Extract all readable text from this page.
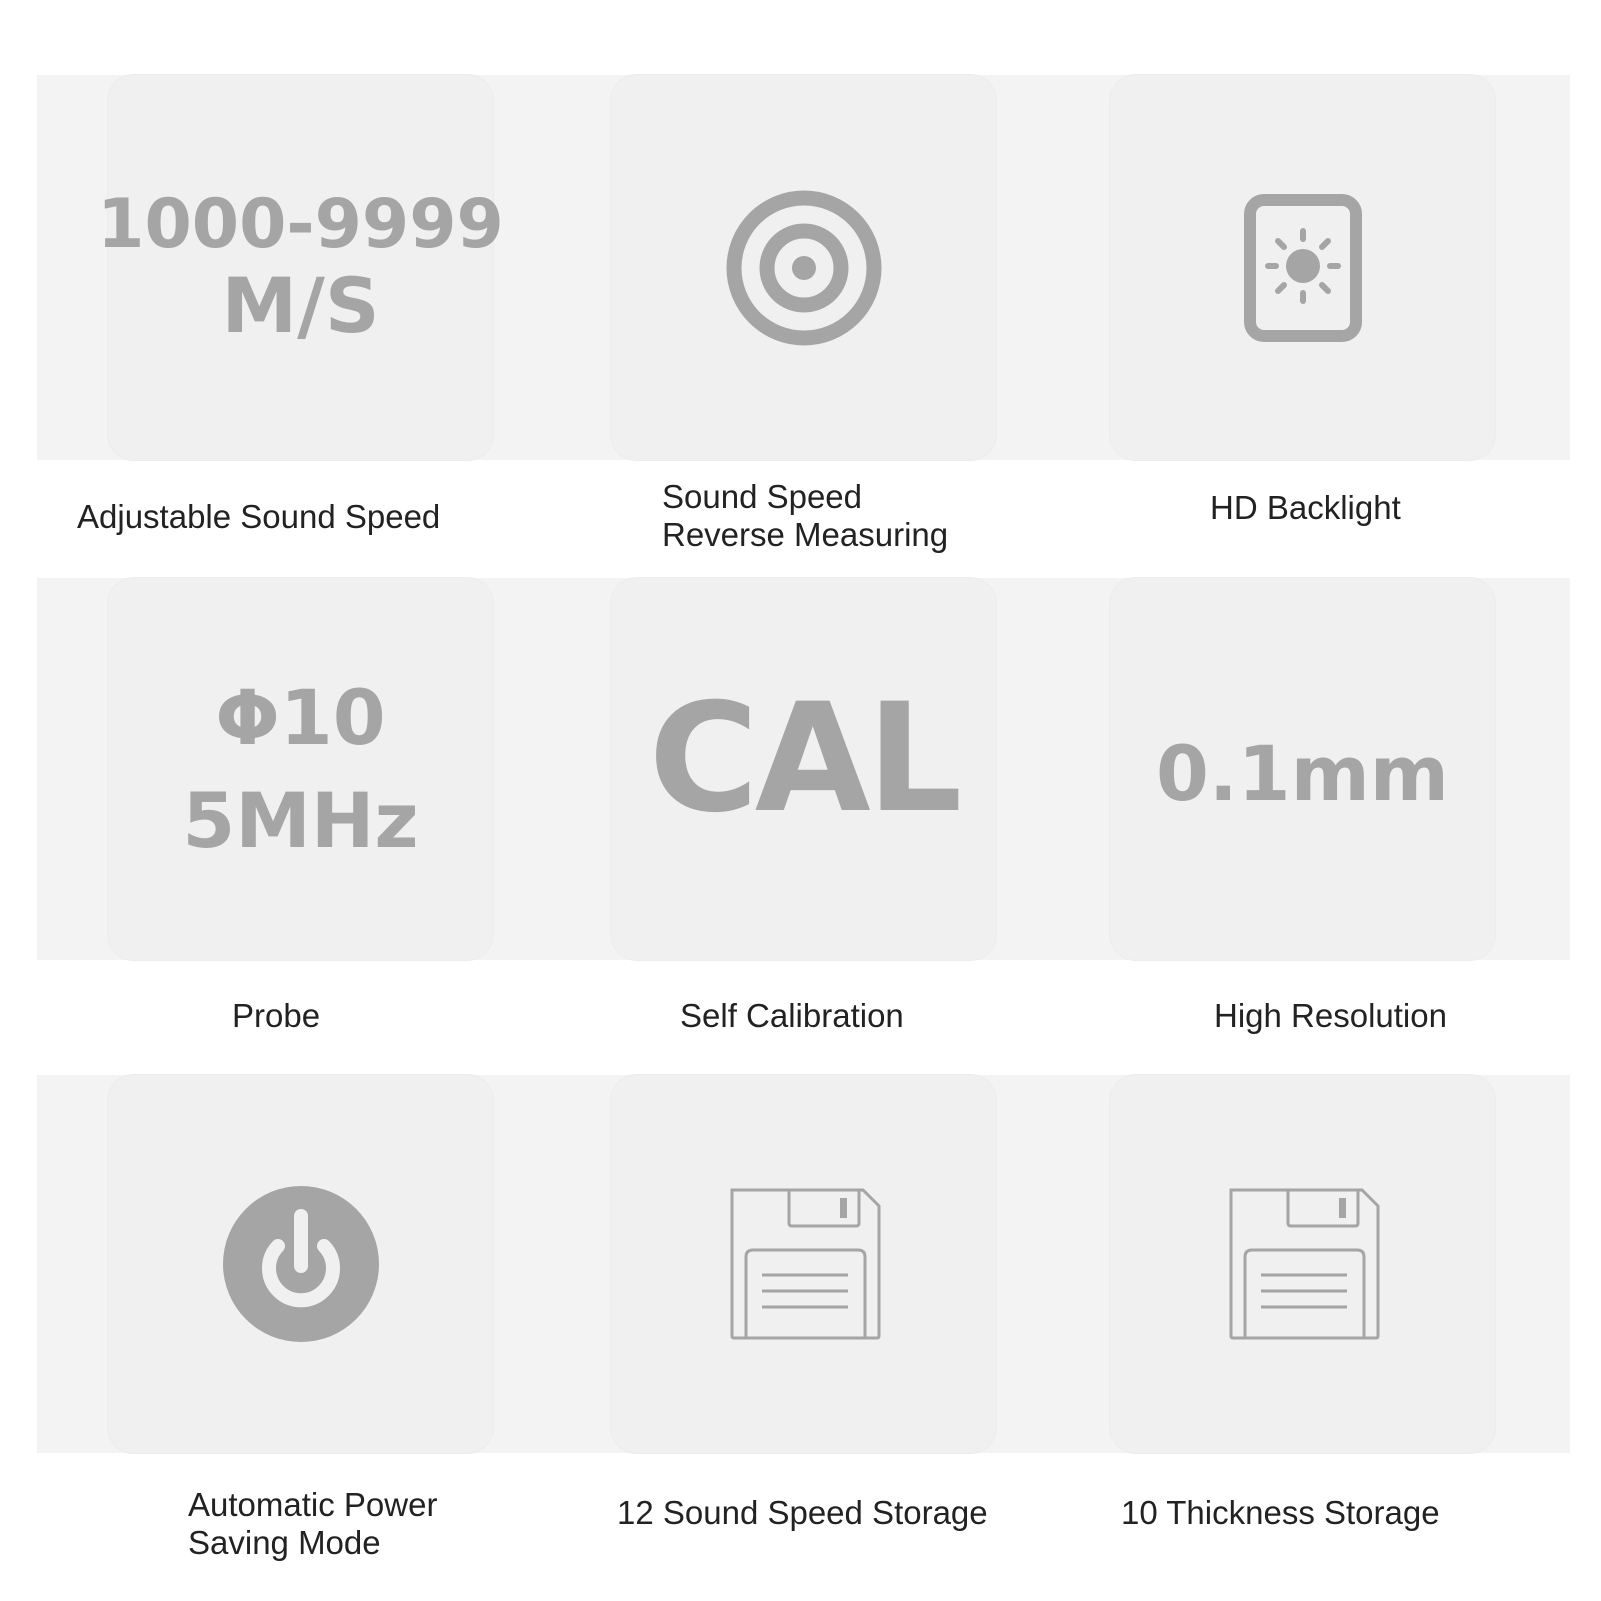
1000-9999
M/S
Adjustable Sound Speed
Sound Speed
Reverse Measuring
HD Backlight
Φ10
5MHz
Probe
CAL
Self Calibration
0.1mm
High Resolution
Automatic Power
Saving Mode
12 Sound Speed Storage	10 Thickness Storage
